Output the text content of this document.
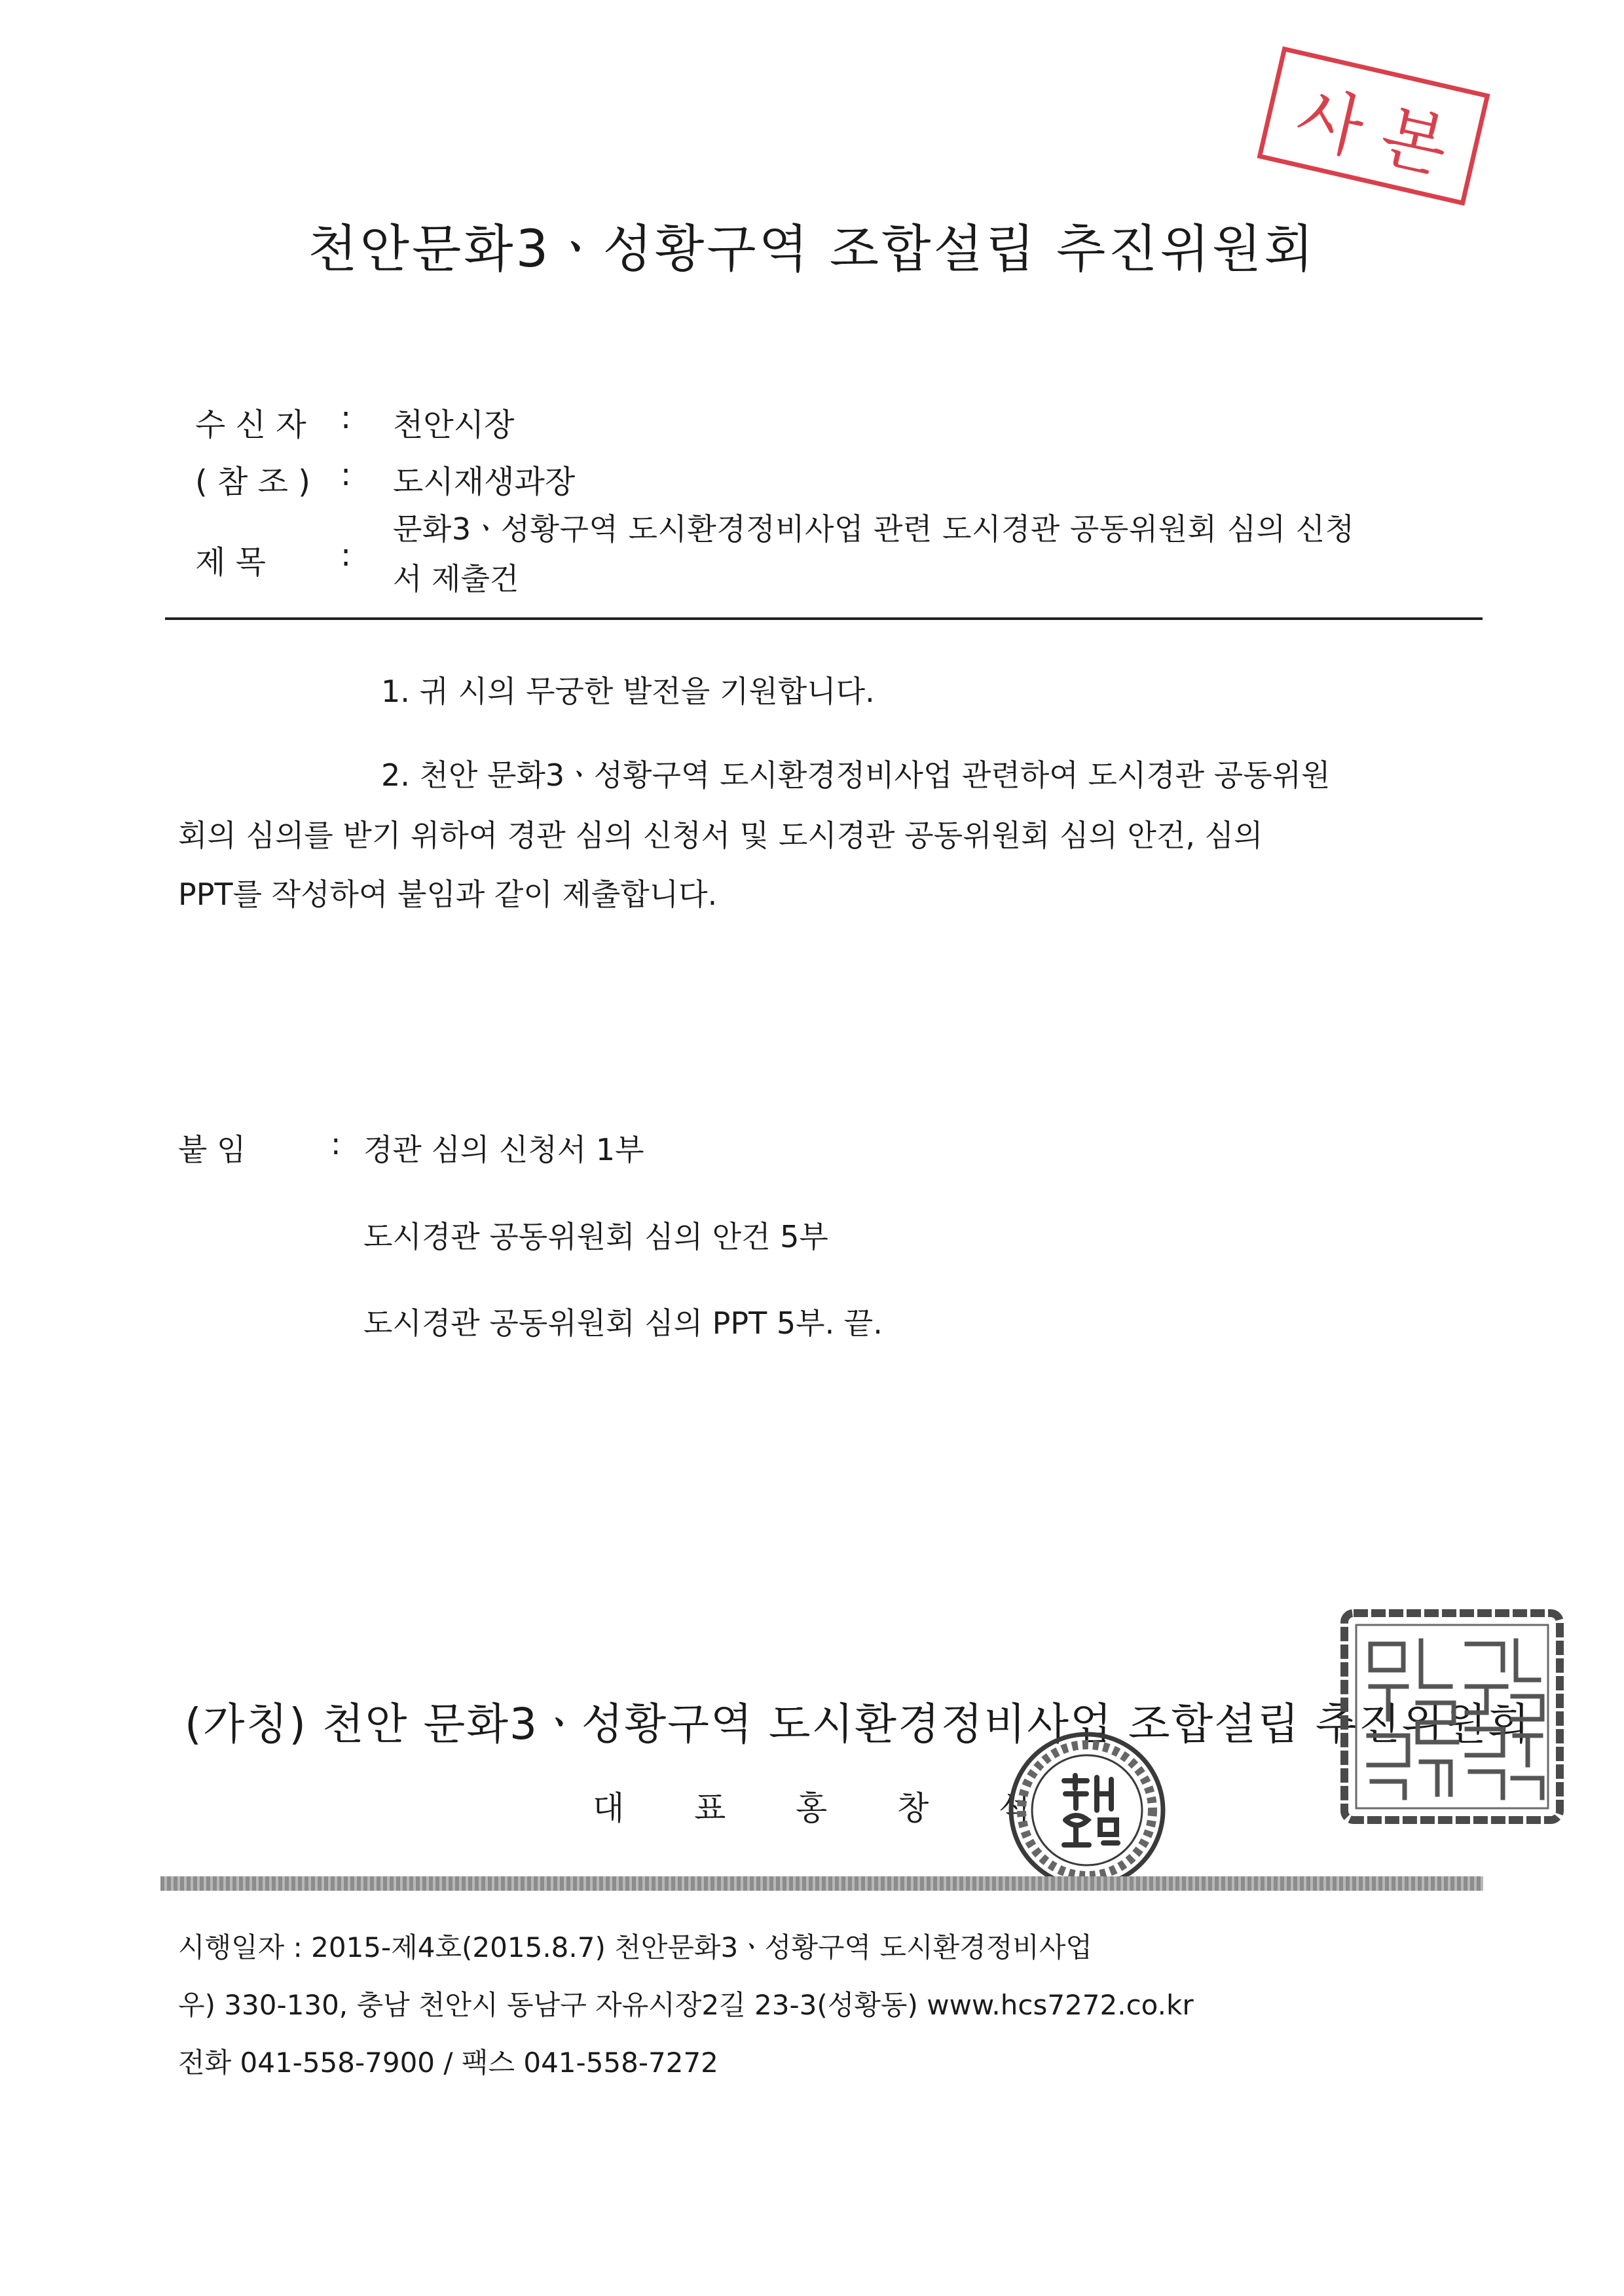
사 본
천안문화3ㆍ성황구역 조합설립 추진위원회
수 신 자	: 천안시장
( 참 조 ) : 도시재생과장
제 목	:
문화3ㆍ성황구역 도시환경정비사업 관련 도시경관 공동위원회 심의 신청
서 제출건
1. 귀 시의 무궁한 발전을 기원합니다.
2. 천안 문화3ㆍ성황구역 도시환경정비사업 관련하여 도시경관 공동위원
회의 심의를 받기 위하여 경관 심의 신청서 및 도시경관 공동위원회 심의 안건, 심의
PPT를 작성하여 붙임과 같이 제출합니다.
붙 임	: 경관 심의 신청서 1부
도시경관 공동위원회 심의 안건 5부
도시경관 공동위원회 심의 PPT 5부. 끝.
(가칭) 천안 문화3ㆍ성황구역 도시환경정비사업 조합설립 추진위원회
대 표 홍 창 석
시행일자 : 2015-제4호(2015.8.7) 천안문화3ㆍ성황구역 도시환경정비사업
우) 330-130, 충남 천안시 동남구 자유시장2길 23-3(성황동) www.hcs7272.co.kr
전화 041-558-7900 / 팩스 041-558-7272
